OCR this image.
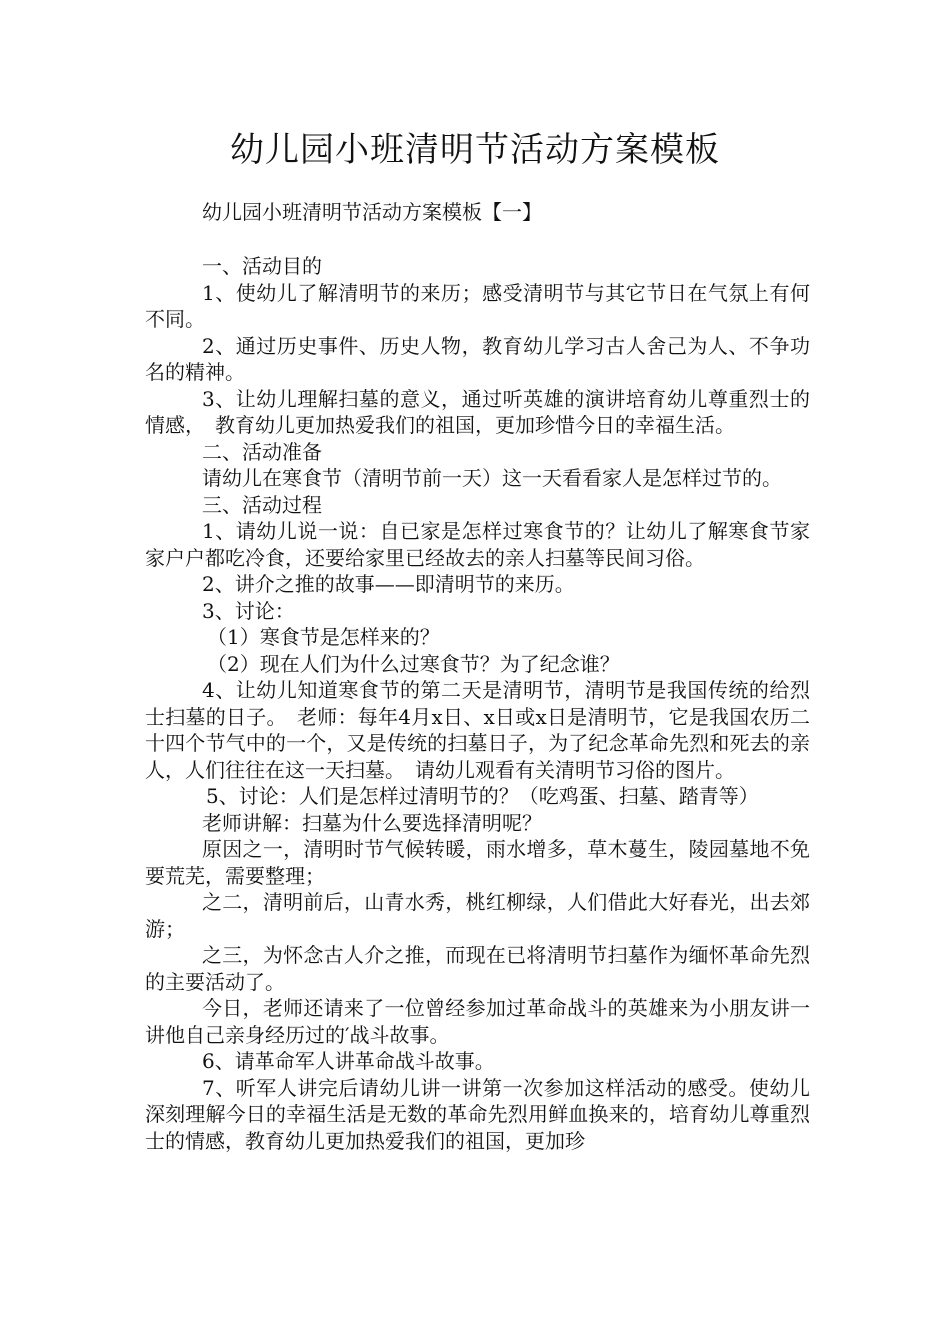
幼儿园小班清明节活动方案模板

幼儿园小班清明节活动方案模板【一】

一、活动目的

1、使幼儿了解清明节的来历；感受清明节与其它节日在气氛上有何不同。

2、通过历史事件、历史人物，教育幼儿学习古人舍己为人、不争功名的精神。

3、让幼儿理解扫墓的意义，通过听英雄的演讲培育幼儿尊重烈士的情感，　教育幼儿更加热爱我们的祖国，更加珍惜今日的幸福生活。

二、活动准备

请幼儿在寒食节（清明节前一天）这一天看看家人是怎样过节的。

三、活动过程

1、请幼儿说一说：自已家是怎样过寒食节的？让幼儿了解寒食节家家户户都吃冷食，还要给家里已经故去的亲人扫墓等民间习俗。

2、讲介之推的故事——即清明节的来历。

3、讨论：

（1）寒食节是怎样来的？

（2）现在人们为什么过寒食节？为了纪念谁？

4、让幼儿知道寒食节的第二天是清明节，清明节是我国传统的给烈士扫墓的日子。　老师：每年4月x日、x日或x日是清明节，它是我国农历二十四个节气中的一个，又是传统的扫墓日子，为了纪念革命先烈和死去的亲人，人们往往在这一天扫墓。　请幼儿观看有关清明节习俗的图片。

5、讨论：人们是怎样过清明节的？（吃鸡蛋、扫墓、踏青等）

老师讲解：扫墓为什么要选择清明呢？

原因之一，清明时节气候转暖，雨水增多，草木蔓生，陵园墓地不免要荒芜，需要整理；

之二，清明前后，山青水秀，桃红柳绿，人们借此大好春光，出去郊游；

之三，为怀念古人介之推，而现在已将清明节扫墓作为缅怀革命先烈的主要活动了。

今日，老师还请来了一位曾经参加过革命战斗的英雄来为小朋友讲一讲他自己亲身经历过的′战斗故事。

6、请革命军人讲革命战斗故事。

7、听军人讲完后请幼儿讲一讲第一次参加这样活动的感受。使幼儿深刻理解今日的幸福生活是无数的革命先烈用鲜血换来的，培育幼儿尊重烈士的情感，教育幼儿更加热爱我们的祖国，更加珍
